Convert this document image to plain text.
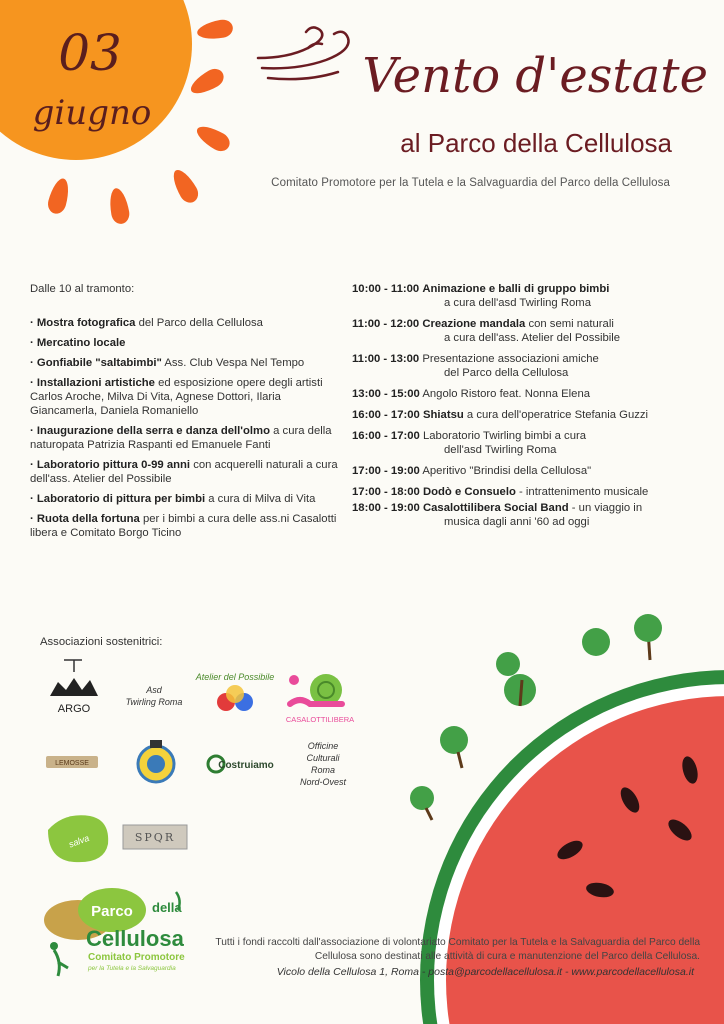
03
giugno
Vento d'estate
al Parco della Cellulosa
Comitato Promotore per la Tutela e la Salvaguardia del Parco della Cellulosa
Dalle 10 al tramonto:
· Mostra fotografica del Parco della Cellulosa
· Mercatino locale
· Gonfiabile "saltabimbi" Ass. Club Vespa Nel Tempo
· Installazioni artistiche ed esposizione opere degli artisti Carlos Aroche, Milva Di Vita, Agnese Dottori, Ilaria Giancamerla, Daniela Romaniello
· Inaugurazione della serra e danza dell'olmo a cura della naturopata Patrizia Raspanti ed Emanuele Fanti
· Laboratorio pittura 0-99 anni con acquerelli naturali a cura dell'ass. Atelier del Possibile
· Laboratorio di pittura per bimbi a cura di Milva di Vita
· Ruota della fortuna per i bimbi a cura delle ass.ni Casalotti libera e Comitato Borgo Ticino
10:00 - 11:00 Animazione e balli di gruppo bimbi
a cura dell'asd Twirling Roma
11:00 - 12:00 Creazione mandala con semi naturali
a cura dell'ass. Atelier del Possibile
11:00 - 13:00 Presentazione associazioni amiche
del Parco della Cellulosa
13:00 - 15:00 Angolo Ristoro feat. Nonna Elena
16:00 - 17:00 Shiatsu a cura dell'operatrice Stefania Guzzi
16:00 - 17:00 Laboratorio Twirling bimbi a cura
dell'asd Twirling Roma
17:00 - 19:00 Aperitivo "Brindisi della Cellulosa"
17:00 - 18:00 Dodò e Consuelo - intrattenimento musicale
18:00 - 19:00 Casalottilibera Social Band - un viaggio in
musica dagli anni '60 ad oggi
Associazioni sostenitrici:
ARGO
Asd
Twirling Roma
Atelier del Possibile
CASALOTTILIBERA
LEMOSSE	Costruiamo
Officine
Culturali
Roma
Nord-Ovest
salva	SPQR
Parco della
Cellulosa
Comitato Promotore
per la Tutela e la Salvaguardia
Tutti i fondi raccolti dall'associazione di volontariato Comitato per la Tutela e la Salvaguardia del Parco della Cellulosa sono destinati alle attività di cura e manutenzione del Parco della Cellulosa.
Vicolo della Cellulosa 1, Roma - posta@parcodellacellulosa.it - www.parcodellacellulosa.it
